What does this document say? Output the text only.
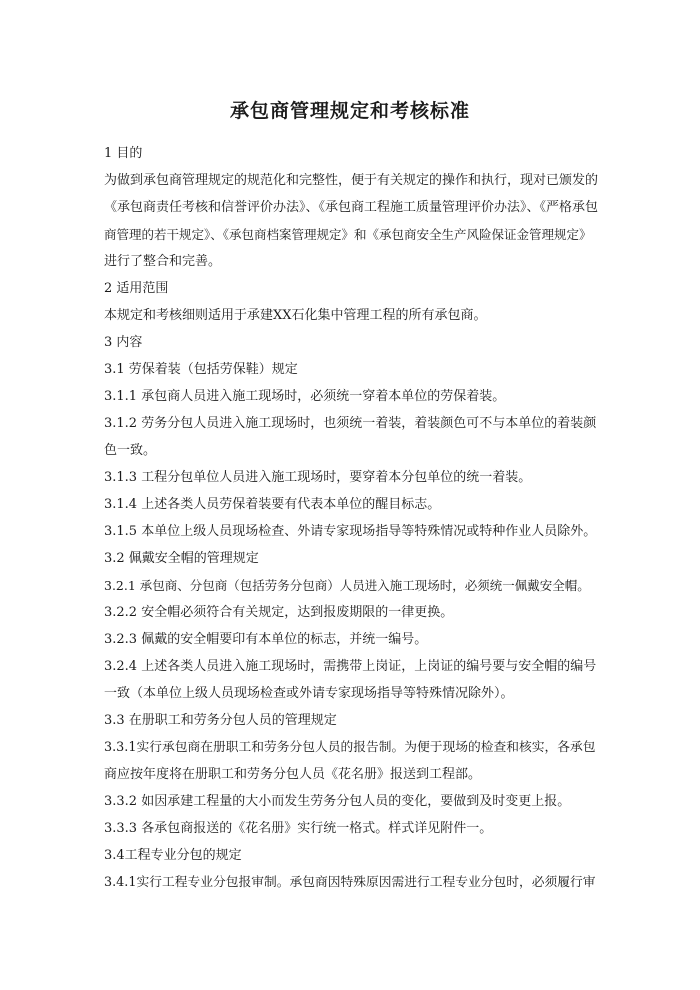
承包商管理规定和考核标准
1 目的
为做到承包商管理规定的规范化和完整性，便于有关规定的操作和执行，现对已颁发的
《承包商责任考核和信誉评价办法》、《承包商工程施工质量管理评价办法》、《严格承包
商管理的若干规定》、《承包商档案管理规定》和《承包商安全生产风险保证金管理规定》
进行了整合和完善。
2 适用范围
本规定和考核细则适用于承建XX石化集中管理工程的所有承包商。
3 内容
3.1 劳保着装（包括劳保鞋）规定
3.1.1 承包商人员进入施工现场时，必须统一穿着本单位的劳保着装。
3.1.2 劳务分包人员进入施工现场时，也须统一着装，着装颜色可不与本单位的着装颜
色一致。
3.1.3 工程分包单位人员进入施工现场时，要穿着本分包单位的统一着装。
3.1.4 上述各类人员劳保着装要有代表本单位的醒目标志。
3.1.5 本单位上级人员现场检查、外请专家现场指导等特殊情况或特种作业人员除外。
3.2 佩戴安全帽的管理规定
3.2.1 承包商、分包商（包括劳务分包商）人员进入施工现场时，必须统一佩戴安全帽。
3.2.2 安全帽必须符合有关规定，达到报废期限的一律更换。
3.2.3 佩戴的安全帽要印有本单位的标志，并统一编号。
3.2.4 上述各类人员进入施工现场时，需携带上岗证，上岗证的编号要与安全帽的编号
一致（本单位上级人员现场检查或外请专家现场指导等特殊情况除外）。
3.3 在册职工和劳务分包人员的管理规定
3.3.1实行承包商在册职工和劳务分包人员的报告制。为便于现场的检查和核实，各承包
商应按年度将在册职工和劳务分包人员《花名册》报送到工程部。
3.3.2 如因承建工程量的大小而发生劳务分包人员的变化，要做到及时变更上报。
3.3.3 各承包商报送的《花名册》实行统一格式。样式详见附件一。
3.4工程专业分包的规定
3.4.1实行工程专业分包报审制。承包商因特殊原因需进行工程专业分包时，必须履行审
